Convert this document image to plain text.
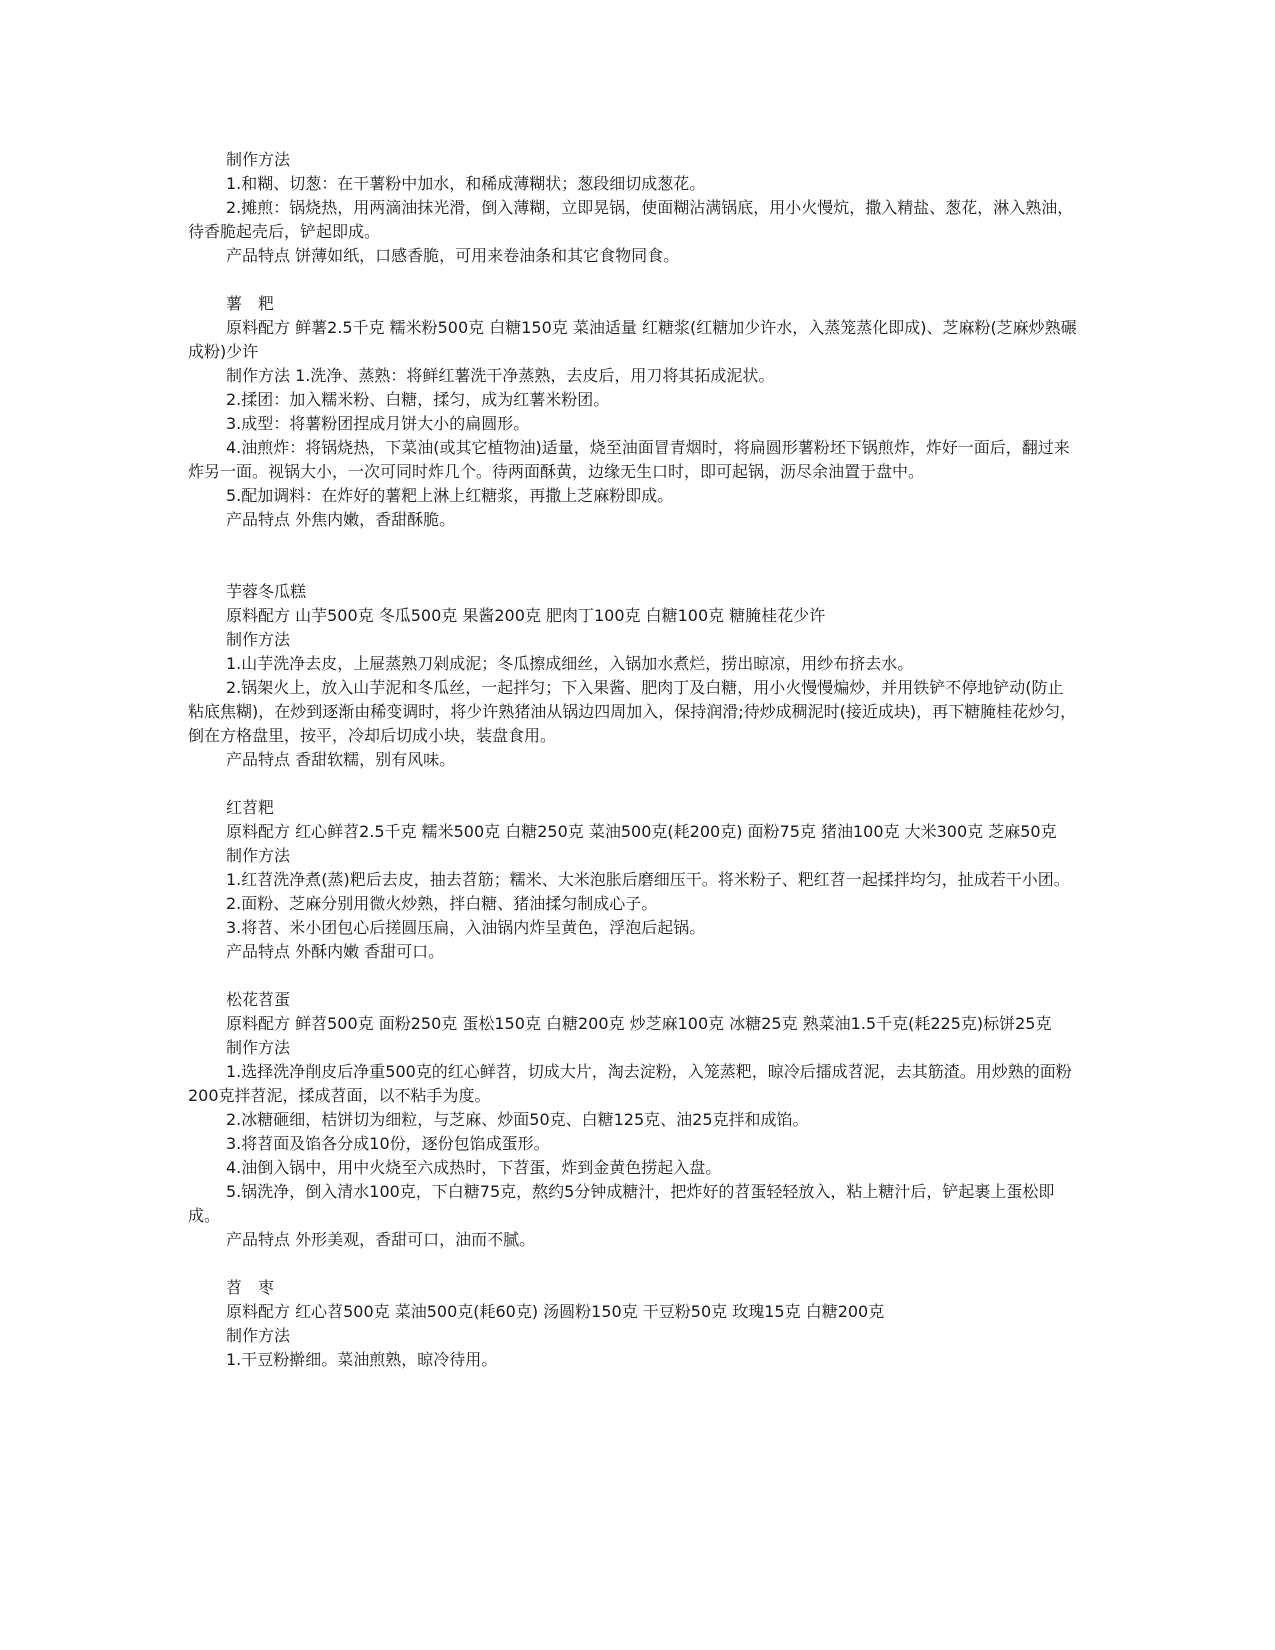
制作方法

1.和糊、切葱：在干薯粉中加水，和稀成薄糊状；葱段细切成葱花。

2.摊煎：锅烧热，用两滴油抹光滑，倒入薄糊，立即晃锅，使面糊沾满锅底，用小火慢炕，撒入精盐、葱花，淋入熟油，待香脆起壳后，铲起即成。

产品特点 饼薄如纸，口感香脆，可用来卷油条和其它食物同食。

薯　粑

原料配方 鲜薯2.5千克 糯米粉500克 白糖150克 菜油适量 红糖浆(红糖加少许水，入蒸笼蒸化即成)、芝麻粉(芝麻炒熟碾成粉)少许

制作方法 1.洗净、蒸熟：将鲜红薯洗干净蒸熟，去皮后，用刀将其拓成泥状。

2.揉团：加入糯米粉、白糖，揉匀，成为红薯米粉团。

3.成型：将薯粉团捏成月饼大小的扁圆形。

4.油煎炸：将锅烧热，下菜油(或其它植物油)适量，烧至油面冒青烟时，将扁圆形薯粉坯下锅煎炸，炸好一面后，翻过来炸另一面。视锅大小，一次可同时炸几个。待两面酥黄，边缘无生口时，即可起锅，沥尽余油置于盘中。

5.配加调料：在炸好的薯粑上淋上红糖浆，再撒上芝麻粉即成。

产品特点 外焦内嫩，香甜酥脆。

芋蓉冬瓜糕

原料配方 山芋500克 冬瓜500克 果酱200克 肥肉丁100克 白糖100克 糖腌桂花少许

制作方法

1.山芋洗净去皮，上屉蒸熟刀剁成泥；冬瓜擦成细丝，入锅加水煮烂，捞出晾凉，用纱布挤去水。

2.锅架火上，放入山芋泥和冬瓜丝，一起拌匀；下入果酱、肥肉丁及白糖，用小火慢慢煸炒，并用铁铲不停地铲动(防止粘底焦糊)，在炒到逐渐由稀变调时，将少许熟猪油从锅边四周加入，保持润滑;待炒成稠泥时(接近成块)，再下糖腌桂花炒匀，倒在方格盘里，按平，冷却后切成小块，装盘食用。

产品特点 香甜软糯，别有风味。

红苕粑

原料配方 红心鲜苕2.5千克 糯米500克 白糖250克 菜油500克(耗200克) 面粉75克 猪油100克 大米300克 芝麻50克

制作方法

1.红苕洗净煮(蒸)粑后去皮，抽去苕筋；糯米、大米泡胀后磨细压干。将米粉子、粑红苕一起揉拌均匀，扯成若干小团。

2.面粉、芝麻分别用微火炒熟，拌白糖、猪油揉匀制成心子。

3.将苕、米小团包心后搓圆压扁，入油锅内炸呈黄色，浮泡后起锅。

产品特点 外酥内嫩 香甜可口。

松花苕蛋

原料配方 鲜苕500克 面粉250克 蛋松150克 白糖200克 炒芝麻100克 冰糖25克 熟菜油1.5千克(耗225克)标饼25克

制作方法

1.选择洗净削皮后净重500克的红心鲜苕，切成大片，淘去淀粉，入笼蒸粑，晾冷后擂成苕泥，去其筋渣。用炒熟的面粉200克拌苕泥，揉成苕面，以不粘手为度。

2.冰糖砸细，桔饼切为细粒，与芝麻、炒面50克、白糖125克、油25克拌和成馅。

3.将苕面及馅各分成10份，逐份包馅成蛋形。

4.油倒入锅中，用中火烧至六成热时，下苕蛋，炸到金黄色捞起入盘。

5.锅洗净，倒入清水100克，下白糖75克，熬约5分钟成糖汁，把炸好的苕蛋轻轻放入，粘上糖汁后，铲起裹上蛋松即成。

产品特点 外形美观，香甜可口，油而不腻。

苕　枣

原料配方 红心苕500克 菜油500克(耗60克) 汤圆粉150克 干豆粉50克 玫瑰15克 白糖200克

制作方法

1.干豆粉擀细。菜油煎熟，晾冷待用。
